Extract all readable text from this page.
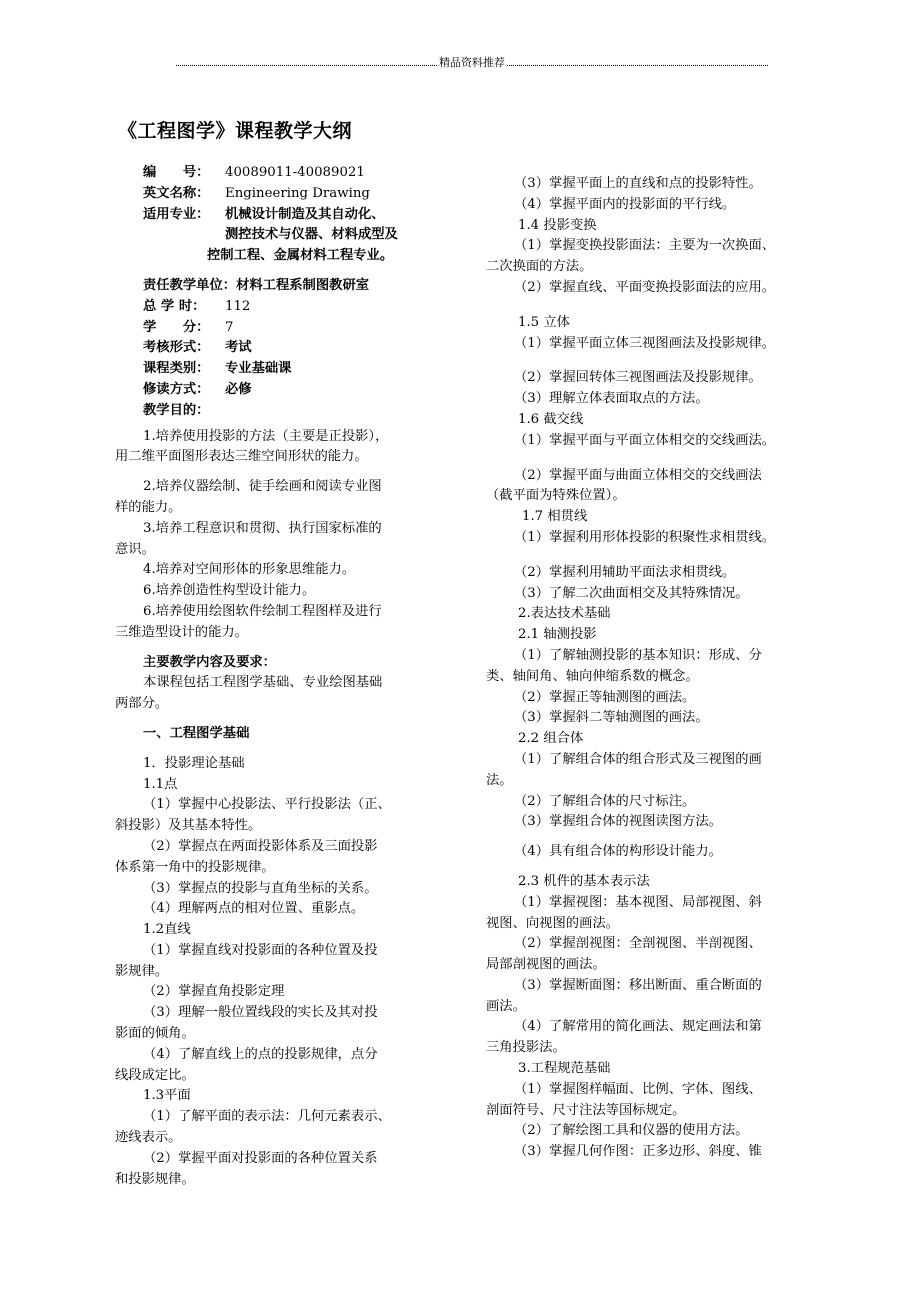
精品资料推荐
《工程图学》课程教学大纲

编　　号： 40089011-40089021

英文名称： Engineering Drawing

适用专业： 机械设计制造及其自动化、

测控技术与仪器、材料成型及

控制工程、金属材料工程专业。

责任教学单位：材料工程系制图教研室

总 学 时： 112

学　　分： 7

考核形式： 考试

课程类别： 专业基础课

修读方式： 必修

教学目的：

1.培养使用投影的方法（主要是正投影），

用二维平面图形表达三维空间形状的能力。

2.培养仪器绘制、徒手绘画和阅读专业图

样的能力。

3.培养工程意识和贯彻、执行国家标准的

意识。

4.培养对空间形体的形象思维能力。

6.培养创造性构型设计能力。

6.培养使用绘图软件绘制工程图样及进行

三维造型设计的能力。

主要教学内容及要求：

本课程包括工程图学基础、专业绘图基础

两部分。

一、工程图学基础

1．投影理论基础

1.1点

（1）掌握中心投影法、平行投影法（正、

斜投影）及其基本特性。

（2）掌握点在两面投影体系及三面投影

体系第一角中的投影规律。

（3）掌握点的投影与直角坐标的关系。

（4）理解两点的相对位置、重影点。

1.2直线

（1）掌握直线对投影面的各种位置及投

影规律。

（2）掌握直角投影定理

（3）理解一般位置线段的实长及其对投

影面的倾角。

（4）了解直线上的点的投影规律，点分

线段成定比。

1.3平面

（1）了解平面的表示法：几何元素表示、

迹线表示。

（2）掌握平面对投影面的各种位置关系

和投影规律。

（3）掌握平面上的直线和点的投影特性。

（4）掌握平面内的投影面的平行线。

1.4 投影变换

（1）掌握变换投影面法：主要为一次换面、

二次换面的方法。

（2）掌握直线、平面变换投影面法的应用。

1.5 立体

（1）掌握平面立体三视图画法及投影规律。

（2）掌握回转体三视图画法及投影规律。

（3）理解立体表面取点的方法。

1.6 截交线

（1）掌握平面与平面立体相交的交线画法。

（2）掌握平面与曲面立体相交的交线画法

（截平面为特殊位置）。

1.7 相贯线

（1）掌握利用形体投影的积聚性求相贯线。

（2）掌握利用辅助平面法求相贯线。

（3）了解二次曲面相交及其特殊情况。

2.表达技术基础

2.1 轴测投影

（1）了解轴测投影的基本知识：形成、分

类、轴间角、轴向伸缩系数的概念。

（2）掌握正等轴测图的画法。

（3）掌握斜二等轴测图的画法。

2.2 组合体

（1）了解组合体的组合形式及三视图的画

法。

（2）了解组合体的尺寸标注。

（3）掌握组合体的视图读图方法。

（4）具有组合体的构形设计能力。

2.3 机件的基本表示法

（1）掌握视图：基本视图、局部视图、斜

视图、向视图的画法。

（2）掌握剖视图：全剖视图、半剖视图、

局部剖视图的画法。

（3）掌握断面图：移出断面、重合断面的

画法。

（4）了解常用的简化画法、规定画法和第

三角投影法。

3.工程规范基础

（1）掌握图样幅面、比例、字体、图线、

剖面符号、尺寸注法等国标规定。

（2）了解绘图工具和仪器的使用方法。

（3）掌握几何作图：正多边形、斜度、锥
